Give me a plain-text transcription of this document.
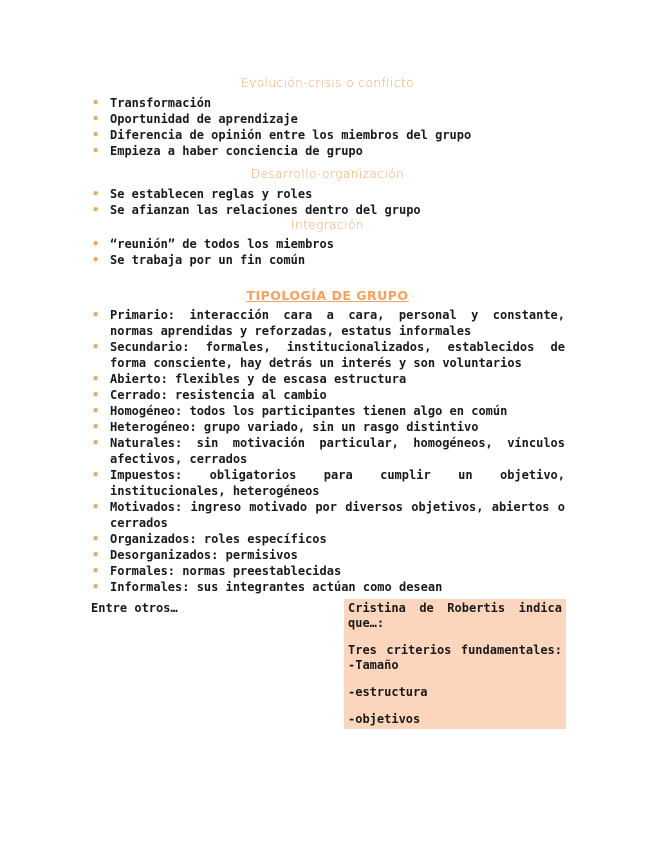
Evolución-crisis o conflicto
• Transformación
• Oportunidad de aprendizaje
• Diferencia de opinión entre los miembros del grupo
• Empieza a haber conciencia de grupo
Desarrollo-organización
• Se establecen reglas y roles
• Se afianzan las relaciones dentro del grupo
Integración
• “reunión” de todos los miembros
• Se trabaja por un fin común
TIPOLOGÍA DE GRUPO
• Primario: interacción cara a cara, personal y constante, normas aprendidas y reforzadas, estatus informales
• Secundario: formales, institucionalizados, establecidos de forma consciente, hay detrás un interés y son voluntarios
• Abierto: flexibles y de escasa estructura
• Cerrado: resistencia al cambio
• Homogéneo: todos los participantes tienen algo en común
• Heterogéneo: grupo variado, sin un rasgo distintivo
• Naturales: sin motivación particular, homogéneos, vínculos afectivos, cerrados
• Impuestos: obligatorios para cumplir un objetivo, institucionales, heterogéneos
• Motivados: ingreso motivado por diversos objetivos, abiertos o cerrados
• Organizados: roles específicos
• Desorganizados: permisivos
• Formales: normas preestablecidas
• Informales: sus integrantes actúan como desean
Entre otros…	Cristina de Robertis indica que…:

Tres criterios fundamentales: -Tamaño

-estructura

-objetivos
